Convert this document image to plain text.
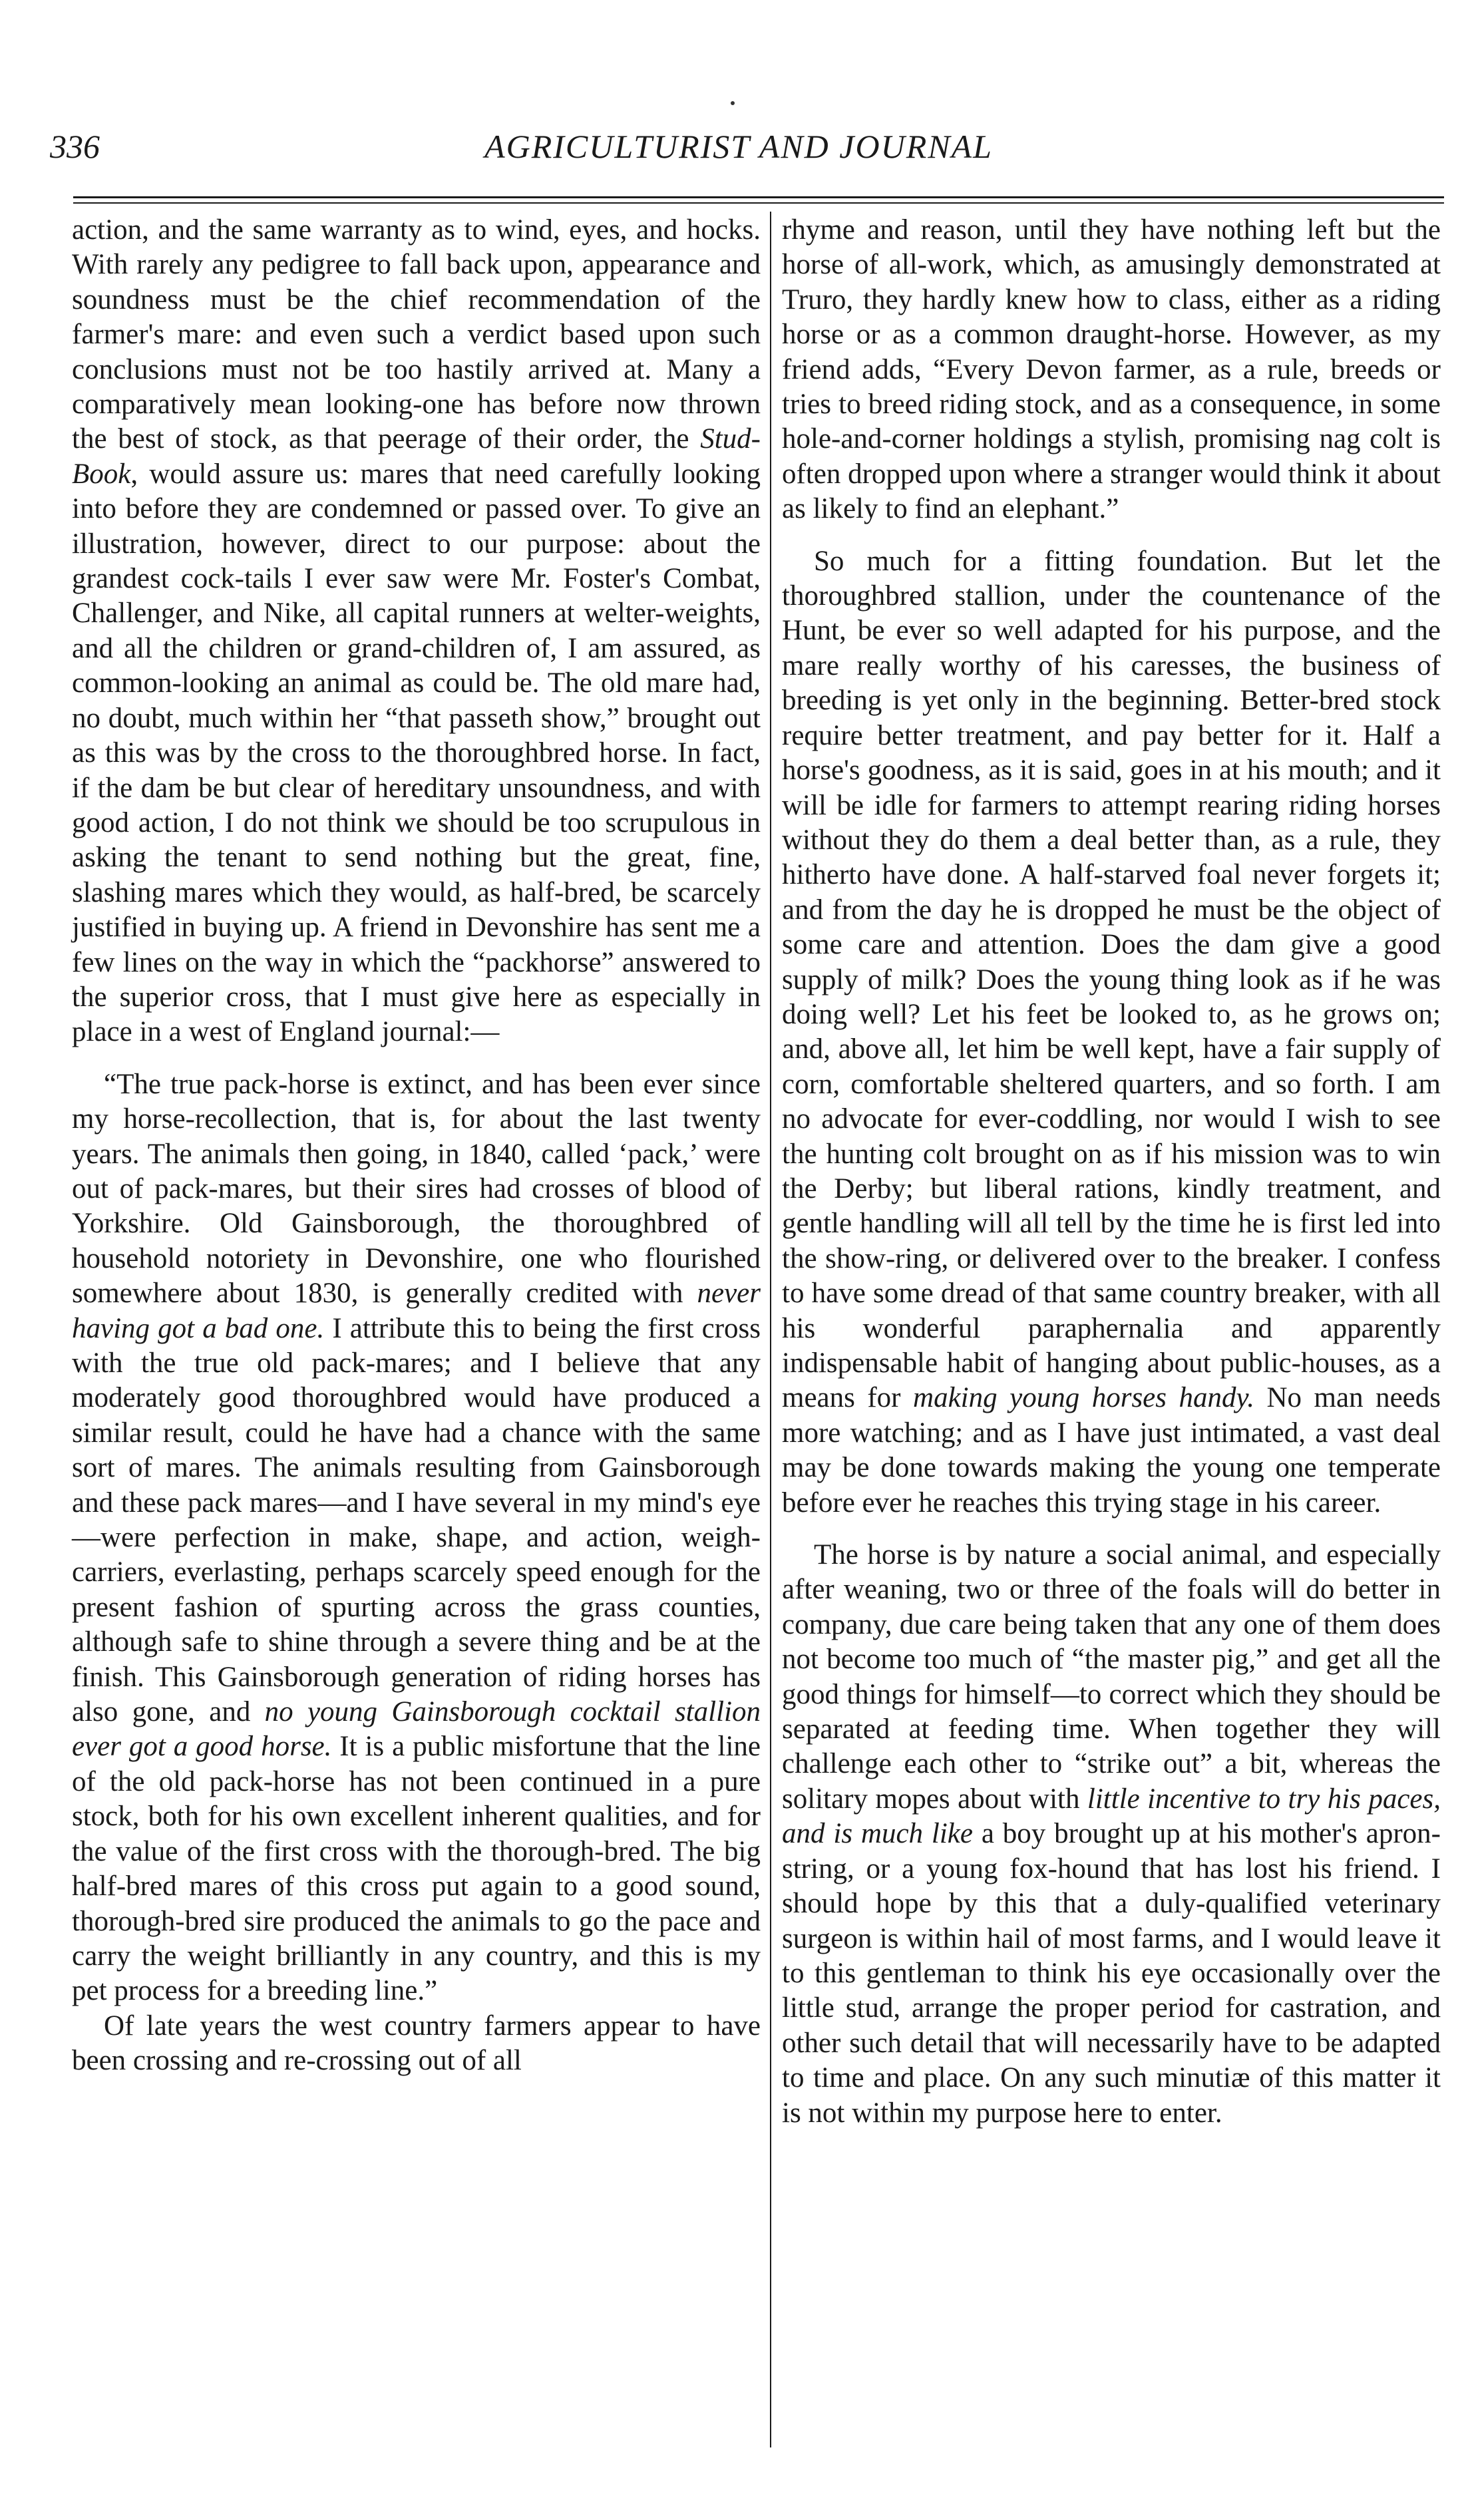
336	AGRICULTURIST AND JOURNAL

action, and the same warranty as to wind, eyes, and hocks. With rarely any pedigree to fall back upon, appearance and soundness must be the chief recommendation of the farmer's mare: and even such a verdict based upon such conclusions must not be too hastily arrived at. Many a comparatively mean looking-one has before now thrown the best of stock, as that peerage of their order, the Stud-Book, would assure us: mares that need carefully looking into before they are condemned or passed over. To give an illustration, however, direct to our purpose: about the grandest cock-tails I ever saw were Mr. Foster's Combat, Challenger, and Nike, all capital runners at welter-weights, and all the children or grand-children of, I am assured, as common-looking an animal as could be. The old mare had, no doubt, much within her “that passeth show,” brought out as this was by the cross to the thoroughbred horse. In fact, if the dam be but clear of hereditary unsoundness, and with good action, I do not think we should be too scrupulous in asking the tenant to send nothing but the great, fine, slashing mares which they would, as half-bred, be scarcely justified in buying up. A friend in Devonshire has sent me a few lines on the way in which the “packhorse” answered to the superior cross, that I must give here as especially in place in a west of England journal:—

“The true pack-horse is extinct, and has been ever since my horse-recollection, that is, for about the last twenty years. The animals then going, in 1840, called ‘pack,’ were out of pack-mares, but their sires had crosses of blood of Yorkshire. Old Gainsborough, the thoroughbred of household notoriety in Devonshire, one who flourished somewhere about 1830, is generally credited with never having got a bad one. I attribute this to being the first cross with the true old pack-mares; and I believe that any moderately good thoroughbred would have produced a similar result, could he have had a chance with the same sort of mares. The animals resulting from Gainsborough and these pack mares—and I have several in my mind's eye—were perfection in make, shape, and action, weigh-carriers, everlasting, perhaps scarcely speed enough for the present fashion of spurting across the grass counties, although safe to shine through a severe thing and be at the finish. This Gainsborough generation of riding horses has also gone, and no young Gainsborough cocktail stallion ever got a good horse. It is a public misfortune that the line of the old pack-horse has not been continued in a pure stock, both for his own excellent inherent qualities, and for the value of the first cross with the thorough-bred. The big half-bred mares of this cross put again to a good sound, thorough-bred sire produced the animals to go the pace and carry the weight brilliantly in any country, and this is my pet process for a breeding line.”

Of late years the west country farmers appear to have been crossing and re-crossing out of all

rhyme and reason, until they have nothing left but the horse of all-work, which, as amusingly demonstrated at Truro, they hardly knew how to class, either as a riding horse or as a common draught-horse. However, as my friend adds, “Every Devon farmer, as a rule, breeds or tries to breed riding stock, and as a consequence, in some hole-and-corner holdings a stylish, promising nag colt is often dropped upon where a stranger would think it about as likely to find an elephant.”

So much for a fitting foundation. But let the thoroughbred stallion, under the countenance of the Hunt, be ever so well adapted for his purpose, and the mare really worthy of his caresses, the business of breeding is yet only in the beginning. Better-bred stock require better treatment, and pay better for it. Half a horse's goodness, as it is said, goes in at his mouth; and it will be idle for farmers to attempt rearing riding horses without they do them a deal better than, as a rule, they hitherto have done. A half-starved foal never forgets it; and from the day he is dropped he must be the object of some care and attention. Does the dam give a good supply of milk? Does the young thing look as if he was doing well? Let his feet be looked to, as he grows on; and, above all, let him be well kept, have a fair supply of corn, comfortable sheltered quarters, and so forth. I am no advocate for ever-coddling, nor would I wish to see the hunting colt brought on as if his mission was to win the Derby; but liberal rations, kindly treatment, and gentle handling will all tell by the time he is first led into the show-ring, or delivered over to the breaker. I confess to have some dread of that same country breaker, with all his wonderful paraphernalia and apparently indispensable habit of hanging about public-houses, as a means for making young horses handy. No man needs more watching; and as I have just intimated, a vast deal may be done towards making the young one temperate before ever he reaches this trying stage in his career.

The horse is by nature a social animal, and especially after weaning, two or three of the foals will do better in company, due care being taken that any one of them does not become too much of “the master pig,” and get all the good things for himself—to correct which they should be separated at feeding time. When together they will challenge each other to “strike out” a bit, whereas the solitary mopes about with little incentive to try his paces, and is much like a boy brought up at his mother's apron-string, or a young fox-hound that has lost his friend. I should hope by this that a duly-qualified veterinary surgeon is within hail of most farms, and I would leave it to this gentleman to think his eye occasionally over the little stud, arrange the proper period for castration, and other such detail that will necessarily have to be adapted to time and place. On any such minutiæ of this matter it is not within my purpose here to enter.
